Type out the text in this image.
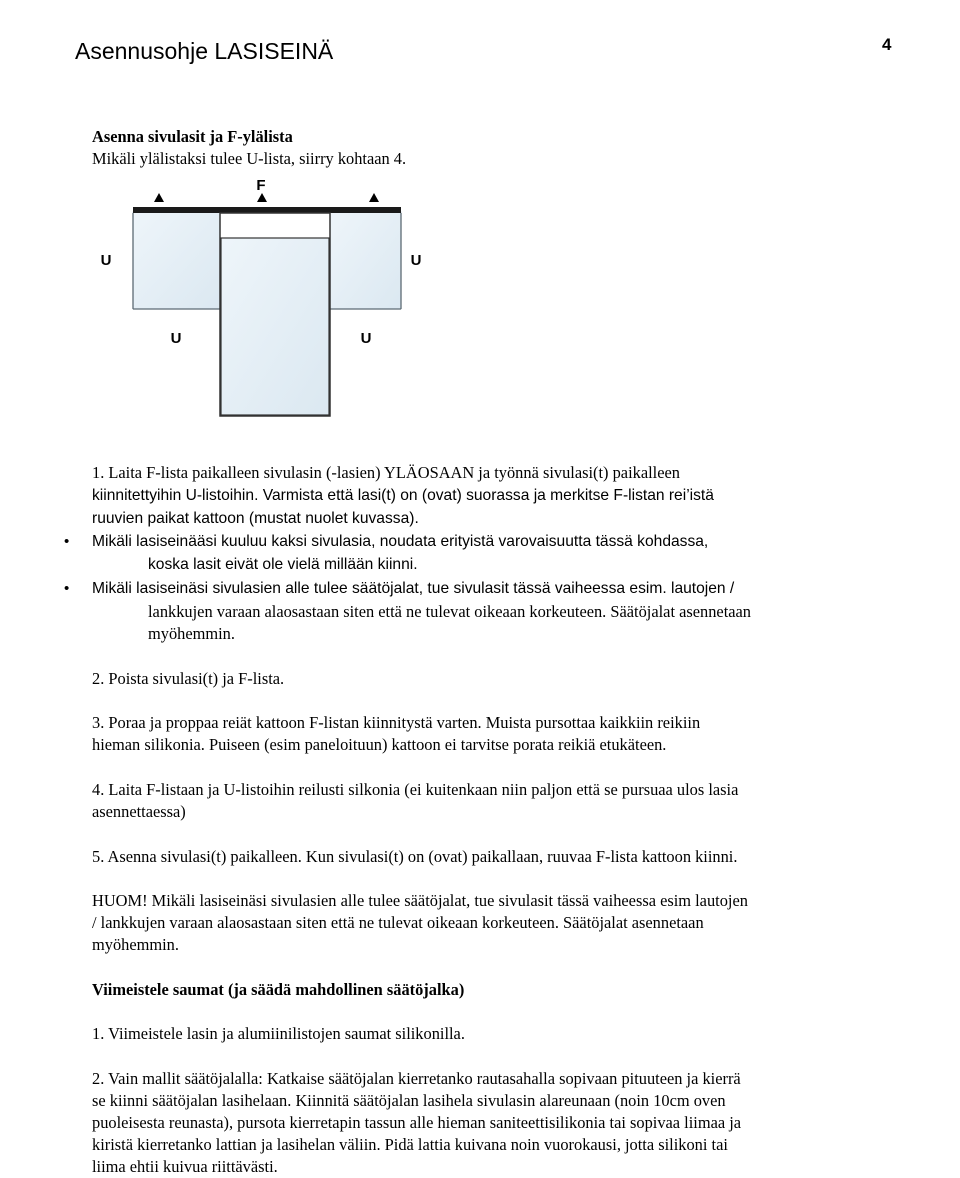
Asennusohje LASISEINÄ	4
F
U	U
U	U

Asenna sivulasit ja F-ylälista

Mikäli ylälistaksi tulee U-lista, siirry kohtaan 4.

1. Laita F-lista paikalleen sivulasin (-lasien) YLÄOSAAN ja työnnä sivulasi(t) paikalleen

kiinnitettyihin U-listoihin. Varmista että lasi(t) on (ovat) suorassa ja merkitse F-listan rei’istä

ruuvien paikat kattoon (mustat nuolet kuvassa).

• Mikäli lasiseinääsi kuuluu kaksi sivulasia, noudata erityistä varovaisuutta tässä kohdassa,

koska lasit eivät ole vielä millään kiinni.

• Mikäli lasiseinäsi sivulasien alle tulee säätöjalat, tue sivulasit tässä vaiheessa esim. lautojen /

lankkujen varaan alaosastaan siten että ne tulevat oikeaan korkeuteen. Säätöjalat asennetaan

myöhemmin.

2. Poista sivulasi(t) ja F-lista.

3. Poraa ja proppaa reiät kattoon F-listan kiinnitystä varten. Muista pursottaa kaikkiin reikiin

hieman silikonia. Puiseen (esim paneloituun) kattoon ei tarvitse porata reikiä etukäteen.

4. Laita F-listaan ja U-listoihin reilusti silkonia (ei kuitenkaan niin paljon että se pursuaa ulos lasia

asennettaessa)

5. Asenna sivulasi(t) paikalleen. Kun sivulasi(t) on (ovat) paikallaan, ruuvaa F-lista kattoon kiinni.

HUOM! Mikäli lasiseinäsi sivulasien alle tulee säätöjalat, tue sivulasit tässä vaiheessa esim lautojen

/ lankkujen varaan alaosastaan siten että ne tulevat oikeaan korkeuteen. Säätöjalat asennetaan

myöhemmin.

Viimeistele saumat (ja säädä mahdollinen säätöjalka)

1. Viimeistele lasin ja alumiinilistojen saumat silikonilla.

2. Vain mallit säätöjalalla: Katkaise säätöjalan kierretanko rautasahalla sopivaan pituuteen ja kierrä

se kiinni säätöjalan lasihelaan. Kiinnitä säätöjalan lasihela sivulasin alareunaan (noin 10cm oven

puoleisesta reunasta), pursota kierretapin tassun alle hieman saniteettisilikonia tai sopivaa liimaa ja

kiristä kierretanko lattian ja lasihelan väliin. Pidä lattia kuivana noin vuorokausi, jotta silikoni tai

liima ehtii kuivua riittävästi.
